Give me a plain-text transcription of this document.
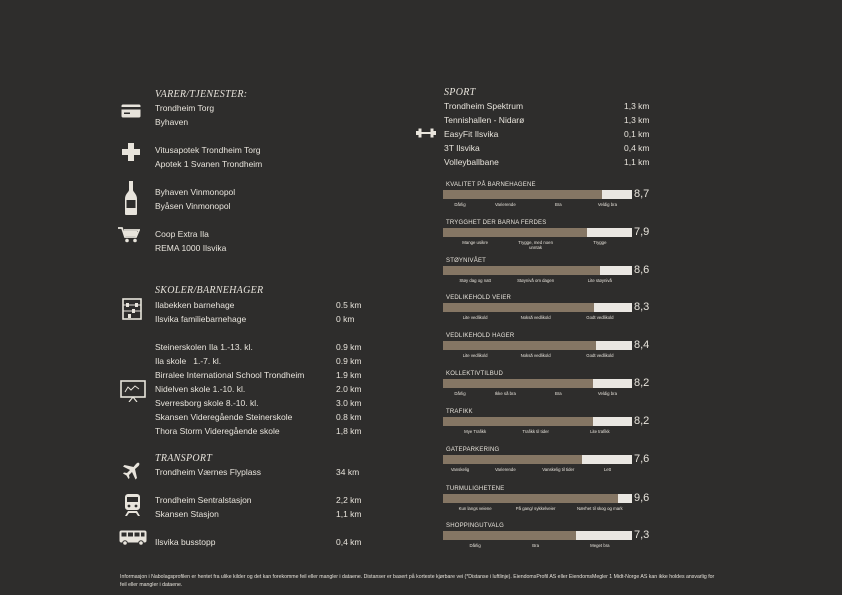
VARER/TJENESTER:
Trondheim Torg
Byhaven
Vitusapotek Trondheim Torg
Apotek 1 Svanen Trondheim
Byhaven Vinmonopol
Byåsen Vinmonopol
Coop Extra Ila
REMA 1000 Ilsvika
SKOLER/BARNEHAGER
Ilabekken barnehage	0.5 km
Ilsvika familiebarnehage	0 km
Steinerskolen Ila 1.-13. kl.	0.9 km
Ila skole   1.-7. kl.	0.9 km
Birralee International School Trondheim	1.9 km
Nidelven skole 1.-10. kl.	2.0 km
Sverresborg skole 8.-10. kl.	3.0 km
Skansen Videregående Steinerskole	0.8 km
Thora Storm Videregående skole	1,8 km
TRANSPORT
Trondheim Værnes Flyplass	34 km
Trondheim Sentralstasjon	2,2 km
Skansen Stasjon	1,1 km
Ilsvika busstopp	0,4 km
SPORT
Trondheim Spektrum	1,3 km
Tennishallen - Nidarø	1,3 km
EasyFit Ilsvika	0,1 km
3T Ilsvika	0,4 km
Volleyballbane	1,1 km
KVALITET PÅ BARNEHAGENE
8,7
Dårlig	Varierende	Bra	Veldig bra
TRYGGHET DER BARNA FERDES
7,9
Mange usikre	Trygge, med noen unntak
Trygge
STØYNIVÅET
8,6
Støy dag og natt	Støynivå om dagen	Lite støynivå
VEDLIKEHOLD VEIER
8,3
Lite vedlikold	Noksă vedlikold	Godt vedlikold
VEDLIKEHOLD HAGER
8,4
Lite vedlikold	Noksă vedlikold	Godt vedlikold
KOLLEKTIVTILBUD
8,2
Dårlig	Ikke så bra	Bra	Veldig bra
TRAFIKK
8,2
Mye Trafikk	Trafikk til tider	Lite trafikk
GATEPARKERING
7,6
Vanskelig	Varierende	Vanskelig til tider	Lett
TURMULIGHETENE
9,6
Kun langs veiene	På gang/ sykkelveier	Nærhet til skog og mark
SHOPPINGUTVALG
7,3
Dårlig	Bra	Meget bra
Informasjon i Nabolagsprofilen er hentet fra ulike kilder og det kan forekomme feil eller mangler i dataene. Distanser er basert på korteste kjørbare vei (*Distanse i luftlinje). EiendomsProfil AS eller EiendomsMegler 1 Midt-Norge AS kan ikke holdes ansvarlig for feil eller mangler i dataene.
